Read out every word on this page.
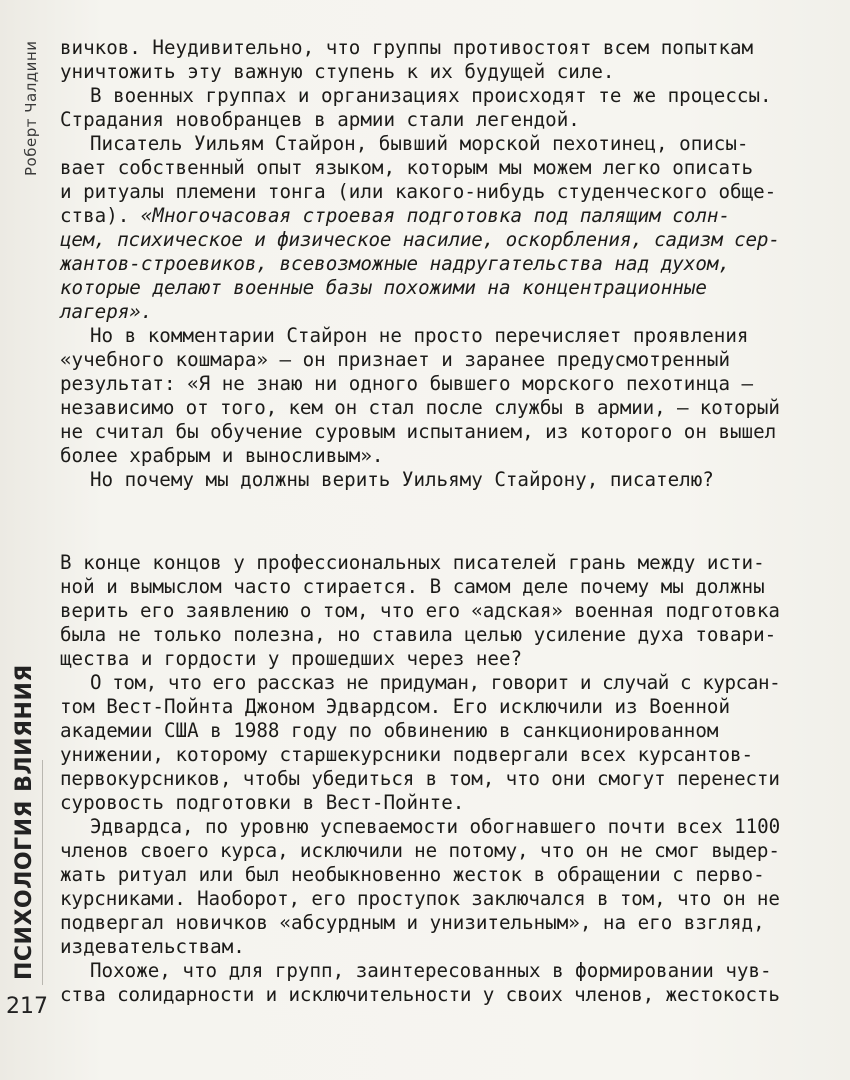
Роберт Чалдини
ПСИХОЛОГИЯ ВЛИЯНИЯ
217
вичков. Неудивительно, что группы противостоят всем попыткам
уничтожить эту важную ступень к их будущей силе.
В военных группах и организациях происходят те же процессы.
Страдания новобранцев в армии стали легендой.
Писатель Уильям Стайрон, бывший морской пехотинец, описы-
вает собственный опыт языком, которым мы можем легко описать
и ритуалы племени тонга (или какого-нибудь студенческого обще-
ства). «Многочасовая строевая подготовка под палящим солн-
цем, психическое и физическое насилие, оскорбления, садизм сер-
жантов-строевиков, всевозможные надругательства над духом,
которые делают военные базы похожими на концентрационные
лагеря».
Но в комментарии Стайрон не просто перечисляет проявления
«учебного кошмара» — он признает и заранее предусмотренный
результат: «Я не знаю ни одного бывшего морского пехотинца —
независимо от того, кем он стал после службы в армии, — который
не считал бы обучение суровым испытанием, из которого он вышел
более храбрым и выносливым».
Но почему мы должны верить Уильяму Стайрону, писателю?
В конце концов у профессиональных писателей грань между исти-
ной и вымыслом часто стирается. В самом деле почему мы должны
верить его заявлению о том, что его «адская» военная подготовка
была не только полезна, но ставила целью усиление духа товари-
щества и гордости у прошедших через нее?
О том, что его рассказ не придуман, говорит и случай с курсан-
том Вест-Пойнта Джоном Эдвардсом. Его исключили из Военной
академии США в 1988 году по обвинению в санкционированном
унижении, которому старшекурсники подвергали всех курсантов-
первокурсников, чтобы убедиться в том, что они смогут перенести
суровость подготовки в Вест-Пойнте.
Эдвардса, по уровню успеваемости обогнавшего почти всех 1100
членов своего курса, исключили не потому, что он не смог выдер-
жать ритуал или был необыкновенно жесток в обращении с перво-
курсниками. Наоборот, его проступок заключался в том, что он не
подвергал новичков «абсурдным и унизительным», на его взгляд,
издевательствам.
Похоже, что для групп, заинтересованных в формировании чув-
ства солидарности и исключительности у своих членов, жестокость
